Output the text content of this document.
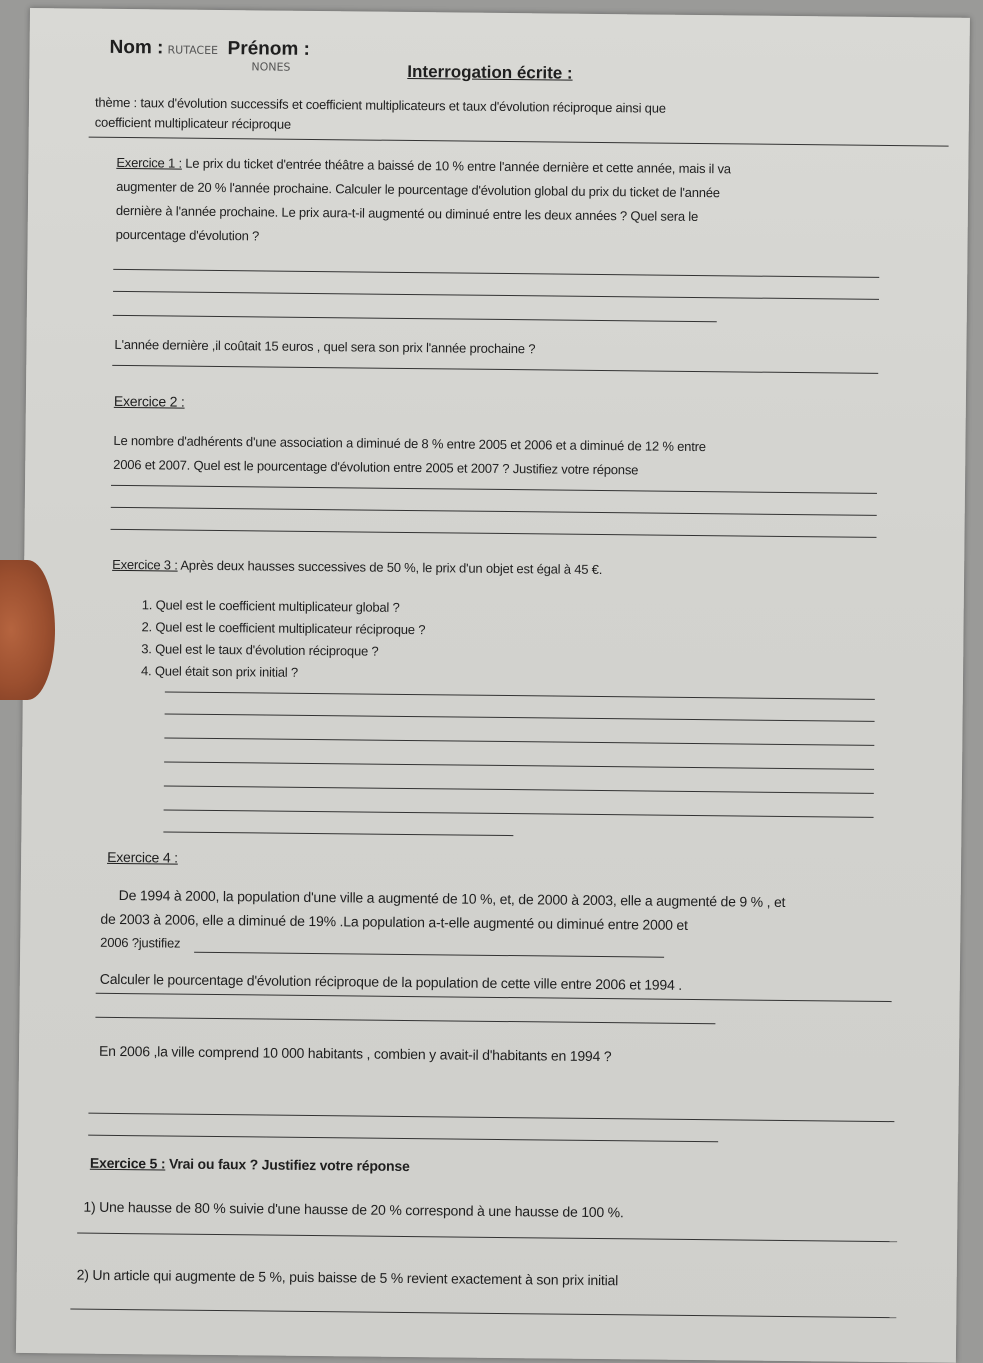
Nom : RUTACEE Prénom :
NONES	Interrogation écrite :
thème : taux d'évolution successifs et coefficient multiplicateurs et taux d'évolution réciproque ainsi que
coefficient multiplicateur réciproque
Exercice 1 : Le prix du ticket d'entrée théâtre a baissé de 10 % entre l'année dernière et cette année, mais il va
augmenter de 20 % l'année prochaine. Calculer le pourcentage d'évolution global du prix du ticket de l'année
dernière à l'année prochaine. Le prix aura-t-il augmenté ou diminué entre les deux années ? Quel sera le
pourcentage d'évolution ?
L'année dernière ,il coûtait 15 euros , quel sera son prix l'année prochaine ?
Exercice 2 :
Le nombre d'adhérents d'une association a diminué de 8 % entre 2005 et 2006 et a diminué de 12 % entre
2006 et 2007. Quel est le pourcentage d'évolution entre 2005 et 2007 ? Justifiez votre réponse
Exercice 3 : Après deux hausses successives de 50 %, le prix d'un objet est égal à 45 €.
1. Quel est le coefficient multiplicateur global ?
2. Quel est le coefficient multiplicateur réciproque ?
3. Quel est le taux d'évolution réciproque ?
4. Quel était son prix initial ?
Exercice 4 :
De 1994 à 2000, la population d'une ville a augmenté de 10 %, et, de 2000 à 2003, elle a augmenté de 9 % , et
de 2003 à 2006, elle a diminué de 19% .La population a-t-elle augmenté ou diminué entre 2000 et
2006 ?justifiez
Calculer le pourcentage d'évolution réciproque de la population de cette ville entre 2006 et 1994 .
En 2006 ,la ville comprend 10 000 habitants , combien y avait-il d'habitants en 1994 ?
Exercice 5 : Vrai ou faux ? Justifiez votre réponse
1) Une hausse de 80 % suivie d'une hausse de 20 % correspond à une hausse de 100 %.
2) Un article qui augmente de 5 %, puis baisse de 5 % revient exactement à son prix initial
